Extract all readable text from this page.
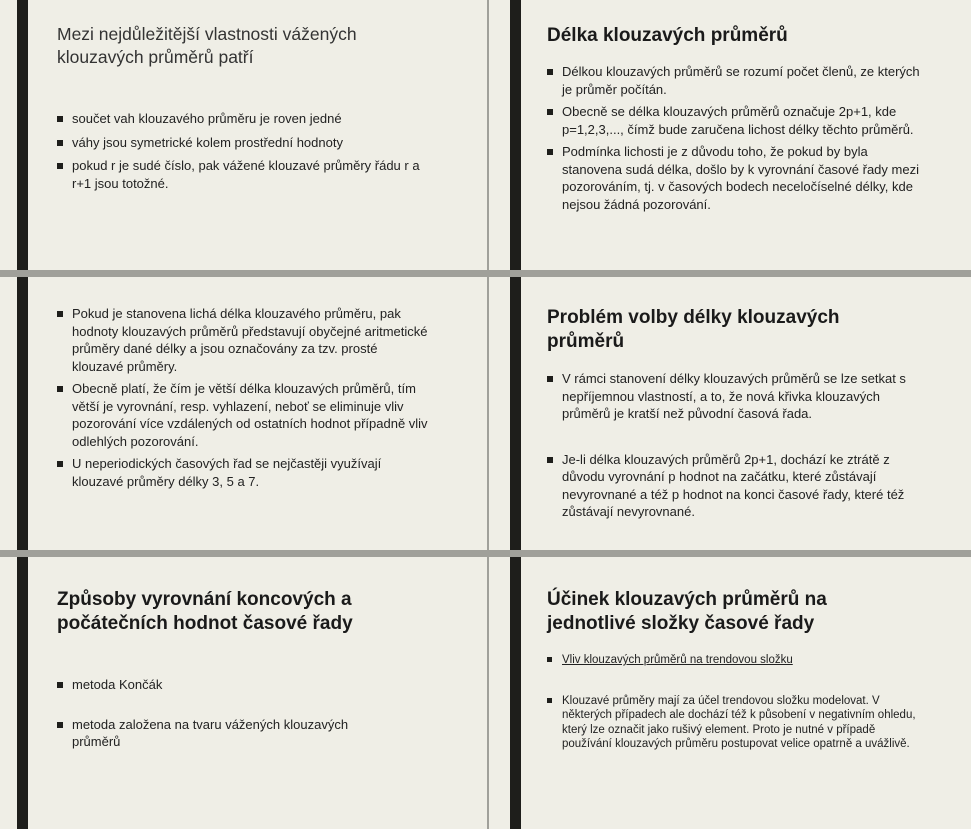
Mezi nejdůležitější vlastnosti vážených
klouzavých průměrů patří
součet vah klouzavého průměru je roven jedné
váhy jsou symetrické kolem prostřední hodnoty
pokud r je sudé číslo, pak vážené klouzavé průměry řádu r a r+1 jsou totožné.
Délka klouzavých průměrů
Délkou klouzavých průměrů se rozumí počet členů, ze kterých je průměr počítán.
Obecně se délka klouzavých průměrů označuje 2p+1, kde p=1,2,3,..., čímž bude zaručena lichost délky těchto průměrů.
Podmínka lichosti je z důvodu toho, že pokud by byla stanovena sudá délka, došlo by k vyrovnání časové řady mezi pozorováním, tj. v časových bodech neceločíselné délky, kde nejsou žádná pozorování.
Pokud je stanovena lichá délka klouzavého průměru, pak hodnoty klouzavých průměrů představují obyčejné aritmetické průměry dané délky a jsou označovány za tzv. prosté klouzavé průměry.
Obecně platí, že čím je větší délka klouzavých průměrů, tím větší je vyrovnání, resp. vyhlazení, neboť se eliminuje vliv pozorování více vzdálených od ostatních hodnot případně vliv odlehlých pozorování.
U neperiodických časových řad se nejčastěji využívají klouzavé průměry délky 3, 5 a 7.
Problém volby délky klouzavých
průměrů
V rámci stanovení délky klouzavých průměrů se lze setkat s nepříjemnou vlastností, a to, že nová křivka klouzavých průměrů je kratší než původní časová řada.
Je-li délka klouzavých průměrů 2p+1, dochází ke ztrátě z důvodu vyrovnání p hodnot na začátku, které zůstávají nevyrovnané a též p hodnot na konci časové řady, které též zůstávají nevyrovnané.
Způsoby vyrovnání koncových a
počátečních hodnot časové řady
metoda Končák
metoda založena na tvaru vážených klouzavých průměrů
Účinek klouzavých průměrů na
jednotlivé složky časové řady
Vliv klouzavých průměrů na trendovou složku
Klouzavé průměry mají za účel trendovou složku modelovat. V některých případech ale dochází též k působení v negativním ohledu, který lze označit jako rušivý element. Proto je nutné v případě používání klouzavých průměru postupovat velice opatrně a uvážlivě.
